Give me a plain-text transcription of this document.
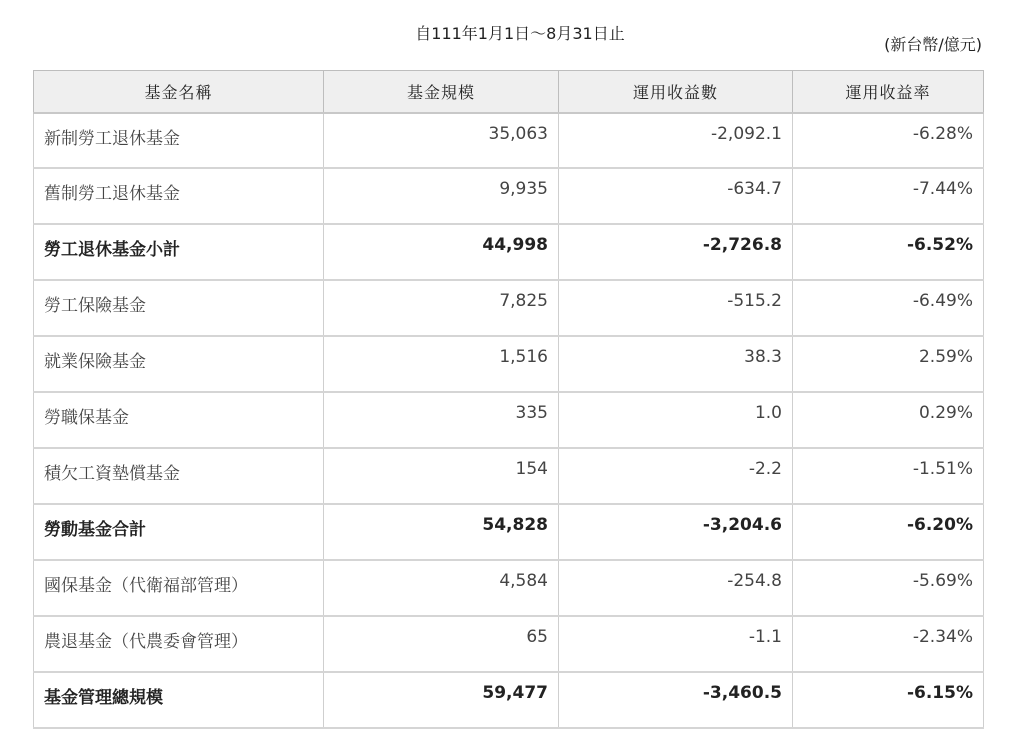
自111年1月1日～8月31日止
(新台幣/億元)
基金名稱	基金規模	運用收益數	運用收益率
新制勞工退休基金	35,063	-2,092.1	-6.28%
舊制勞工退休基金	9,935	-634.7	-7.44%
勞工退休基金小計	44,998	-2,726.8	-6.52%
勞工保險基金	7,825	-515.2	-6.49%
就業保險基金	1,516	38.3	2.59%
勞職保基金	335	1.0	0.29%
積欠工資墊償基金	154	-2.2	-1.51%
勞動基金合計	54,828	-3,204.6	-6.20%
國保基金（代衛福部管理）	4,584	-254.8	-5.69%
農退基金（代農委會管理）	65	-1.1	-2.34%
基金管理總規模	59,477	-3,460.5	-6.15%
